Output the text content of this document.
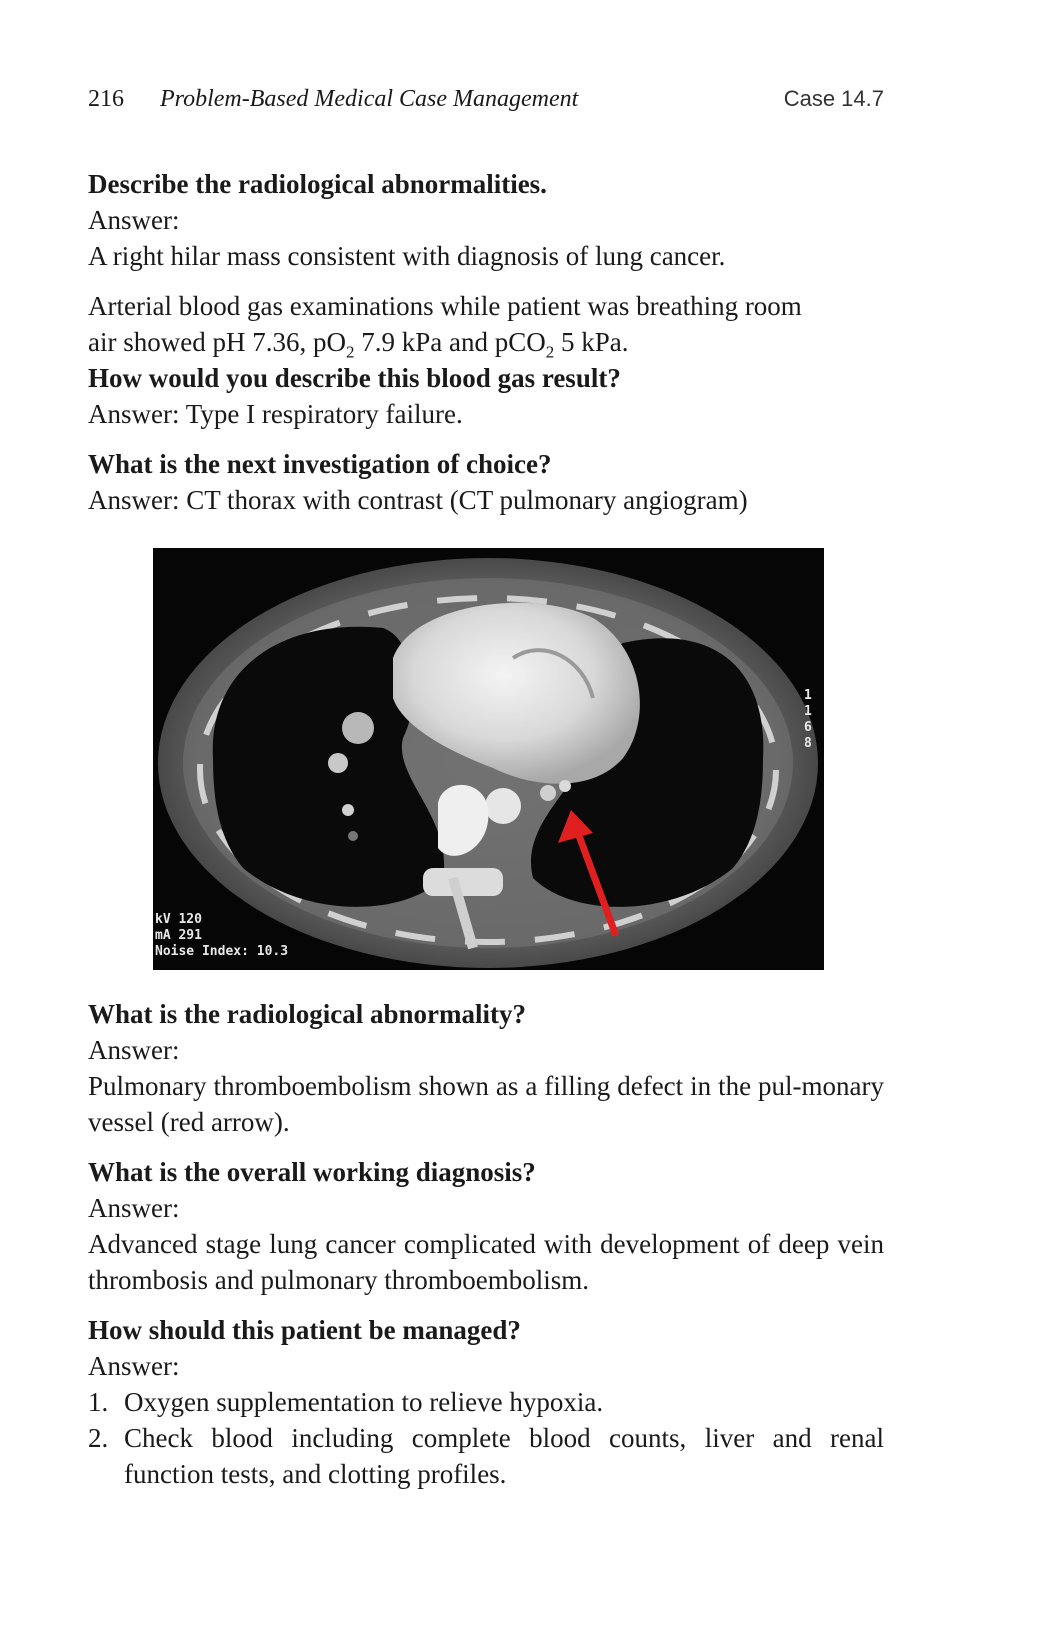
216 Problem-Based Medical Case Management	Case 14.7

Describe the radiological abnormalities.

Answer:

A right hilar mass consistent with diagnosis of lung cancer.

Arterial blood gas examinations while patient was breathing room

air showed pH 7.36, $pO_2$ 7.9 kPa and pCO$_2$ 5 kPa.

How would you describe this blood gas result?

Answer: Type I respiratory failure.

What is the next investigation of choice?

Answer: CT thorax with contrast (CT pulmonary angiogram)

kV 120
mA 291
Noise Index: 10.3
1 168

What is the radiological abnormality?

Answer:

Pulmonary thromboembolism shown as a filling defect in the pul-monary vessel (red arrow).

What is the overall working diagnosis?

Answer:

Advanced stage lung cancer complicated with development of deep vein thrombosis and pulmonary thromboembolism.

How should this patient be managed?

Answer:

1. Oxygen supplementation to relieve hypoxia.
2. Check blood including complete blood counts, liver and renal function tests, and clotting profiles.
